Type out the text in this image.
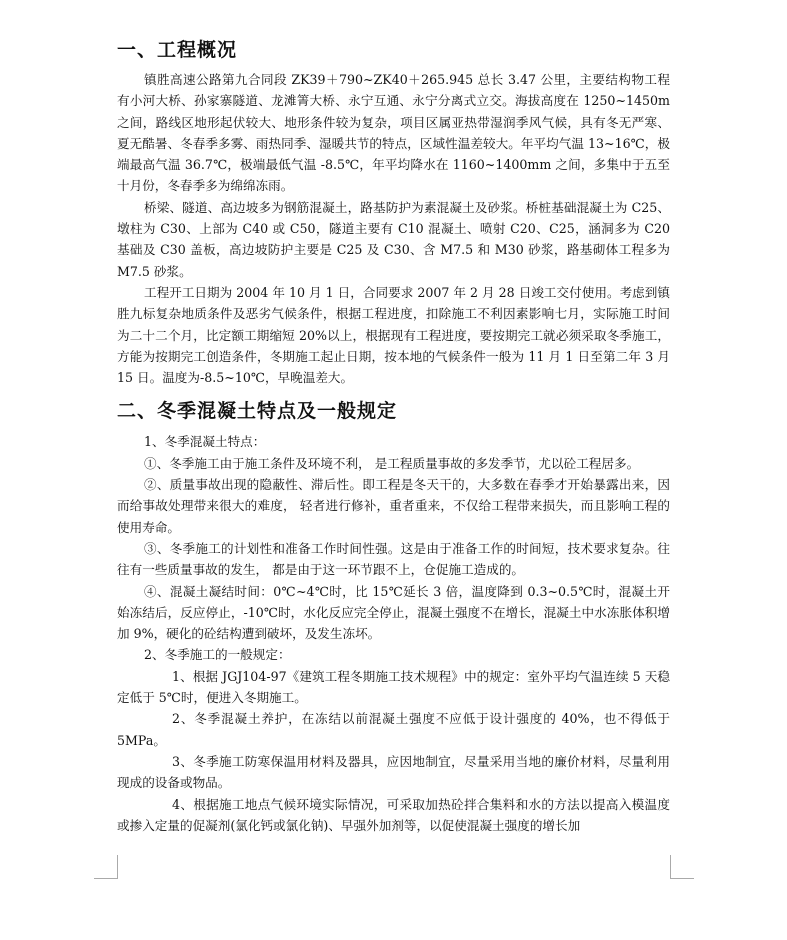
一、工程概况

镇胜高速公路第九合同段 ZK39＋790~ZK40＋265.945 总长 3.47 公里，主要结构物工程有小河大桥、孙家寨隧道、龙滩箐大桥、永宁互通、永宁分离式立交。海拔高度在 1250~1450m 之间，路线区地形起伏较大、地形条件较为复杂，项目区属亚热带湿润季风气候，具有冬无严寒、夏无酷暑、冬春季多雾、雨热同季、湿暖共节的特点，区域性温差较大。年平均气温 13~16℃，极端最高气温 36.7℃，极端最低气温 -8.5℃，年平均降水在 1160~1400mm 之间，多集中于五至十月份，冬春季多为绵绵冻雨。

桥梁、隧道、高边坡多为钢筋混凝土，路基防护为素混凝土及砂浆。桥桩基础混凝土为 C25、墩柱为 C30、上部为 C40 或 C50，隧道主要有 C10 混凝土、喷射 C20、C25，涵洞多为 C20 基础及 C30 盖板，高边坡防护主要是 C25 及 C30、含 M7.5 和 M30 砂浆，路基砌体工程多为 M7.5 砂浆。

工程开工日期为 2004 年 10 月 1 日，合同要求 2007 年 2 月 28 日竣工交付使用。考虑到镇胜九标复杂地质条件及恶劣气候条件，根据工程进度，扣除施工不利因素影响七月，实际施工时间为二十二个月，比定额工期缩短 20%以上，根据现有工程进度，要按期完工就必须采取冬季施工，方能为按期完工创造条件，冬期施工起止日期，按本地的气候条件一般为 11 月 1 日至第二年 3 月 15 日。温度为-8.5~10℃，早晚温差大。

二、冬季混凝土特点及一般规定

1、冬季混凝土特点：

①、冬季施工由于施工条件及环境不利， 是工程质量事故的多发季节，尤以砼工程居多。

②、质量事故出现的隐蔽性、滞后性。即工程是冬天干的，大多数在春季才开始暴露出来，因而给事故处理带来很大的难度， 轻者进行修补，重者重来，不仅给工程带来损失，而且影响工程的使用寿命。

③、冬季施工的计划性和准备工作时间性强。这是由于准备工作的时间短，技术要求复杂。往往有一些质量事故的发生， 都是由于这一环节跟不上，仓促施工造成的。

④、混凝土凝结时间：0℃~4℃时，比 15℃延长 3 倍，温度降到 0.3~0.5℃时，混凝土开始冻结后，反应停止，-10℃时，水化反应完全停止，混凝土强度不在增长，混凝土中水冻胀体积增加 9%，硬化的砼结构遭到破坏，及发生冻坏。

2、冬季施工的一般规定：

1、根据 JGJ104-97《建筑工程冬期施工技术规程》中的规定：室外平均气温连续 5 天稳定低于 5℃时，便进入冬期施工。

2、冬季混凝土养护，在冻结以前混凝土强度不应低于设计强度的 40%，也不得低于 5MPa。

3、冬季施工防寒保温用材料及器具，应因地制宜，尽量采用当地的廉价材料，尽量利用现成的设备或物品。

4、根据施工地点气候环境实际情况，可采取加热砼拌合集料和水的方法以提高入模温度或掺入定量的促凝剂(氯化钙或氯化钠)、早强外加剂等，以促使混凝土强度的增长加
